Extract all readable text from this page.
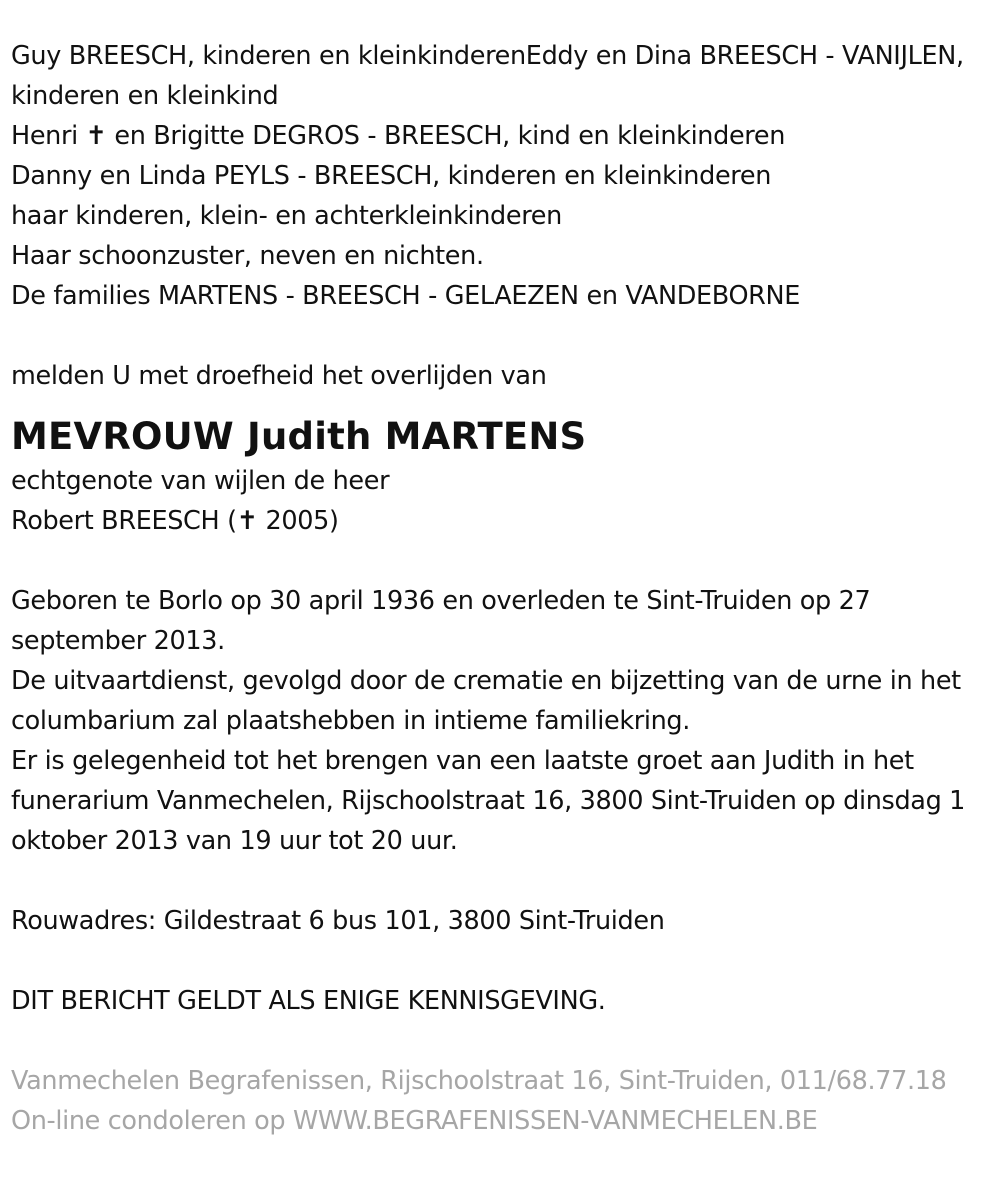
Guy BREESCH, kinderen en kleinkinderenEddy en Dina BREESCH - VANIJLEN, kinderen en kleinkind
Henri ✝ en Brigitte DEGROS - BREESCH, kind en kleinkinderen
Danny en Linda PEYLS - BREESCH, kinderen en kleinkinderen
haar kinderen, klein- en achterkleinkinderen
Haar schoonzuster, neven en nichten.
De families MARTENS - BREESCH - GELAEZEN en VANDEBORNE
melden U met droefheid het overlijden van
MEVROUW Judith MARTENS
echtgenote van wijlen de heer
Robert BREESCH (✝ 2005)
Geboren te Borlo op 30 april 1936 en overleden te Sint-Truiden op 27 september 2013.
De uitvaartdienst, gevolgd door de crematie en bijzetting van de urne in het columbarium zal plaatshebben in intieme familiekring.
Er is gelegenheid tot het brengen van een laatste groet aan Judith in het funerarium Vanmechelen, Rijschoolstraat 16, 3800 Sint-Truiden op dinsdag 1 oktober 2013 van 19 uur tot 20 uur.
Rouwadres: Gildestraat 6 bus 101, 3800 Sint-Truiden
DIT BERICHT GELDT ALS ENIGE KENNISGEVING.
Vanmechelen Begrafenissen, Rijschoolstraat 16, Sint-Truiden, 011/68.77.18
On-line condoleren op WWW.BEGRAFENISSEN-VANMECHELEN.BE
